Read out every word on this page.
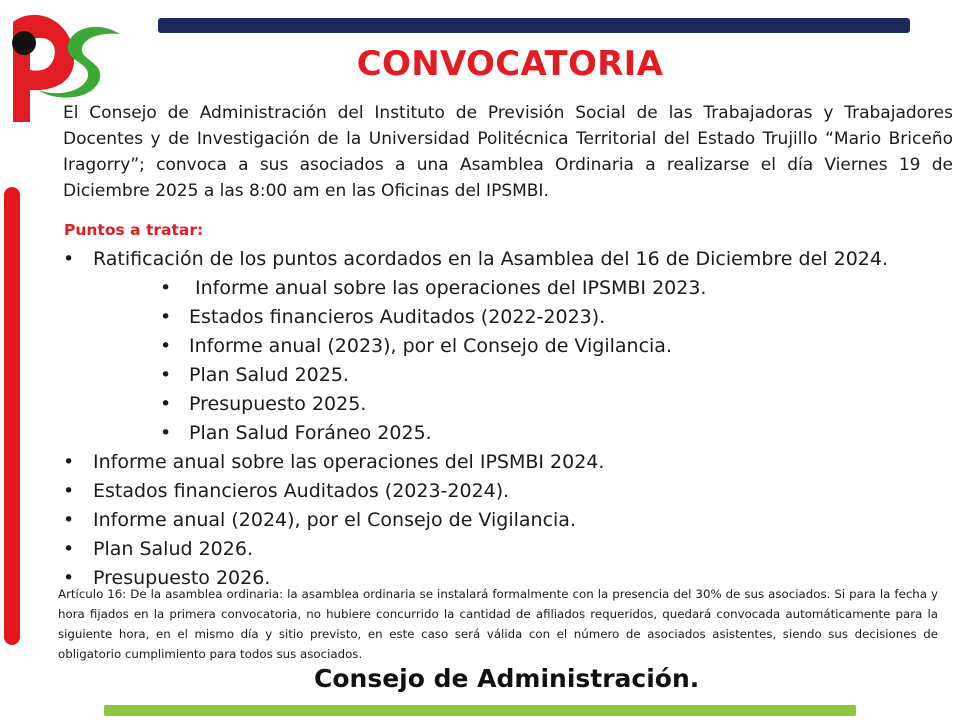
CONVOCATORIA
El Consejo de Administración del Instituto de Previsión Social de las Trabajadoras y Trabajadores Docentes y de Investigación de la Universidad Politécnica Territorial del Estado Trujillo “Mario Briceño Iragorry”; convoca a sus asociados a una Asamblea Ordinaria a realizarse el día Viernes 19 de Diciembre 2025 a las 8:00 am en las Oficinas del IPSMBI.
Puntos a tratar:
• Ratificación de los puntos acordados en la Asamblea del 16 de Diciembre del 2024.
• Informe anual sobre las operaciones del IPSMBI 2023.
• Estados financieros Auditados (2022-2023).
• Informe anual (2023), por el Consejo de Vigilancia.
• Plan Salud 2025.
• Presupuesto 2025.
• Plan Salud Foráneo 2025.
• Informe anual sobre las operaciones del IPSMBI 2024.
• Estados financieros Auditados (2023-2024).
• Informe anual (2024), por el Consejo de Vigilancia.
• Plan Salud 2026.
• Presupuesto 2026.
Artículo 16: De la asamblea ordinaria: la asamblea ordinaria se instalará formalmente con la presencia del 30% de sus asociados. Si para la fecha y hora fijados en la primera convocatoria, no hubiere concurrido la cantidad de afiliados requeridos, quedará convocada automáticamente para la siguiente hora, en el mismo día y sitio previsto, en este caso será válida con el número de asociados asistentes, siendo sus decisiones de obligatorio cumplimiento para todos sus asociados.
Consejo de Administración.
